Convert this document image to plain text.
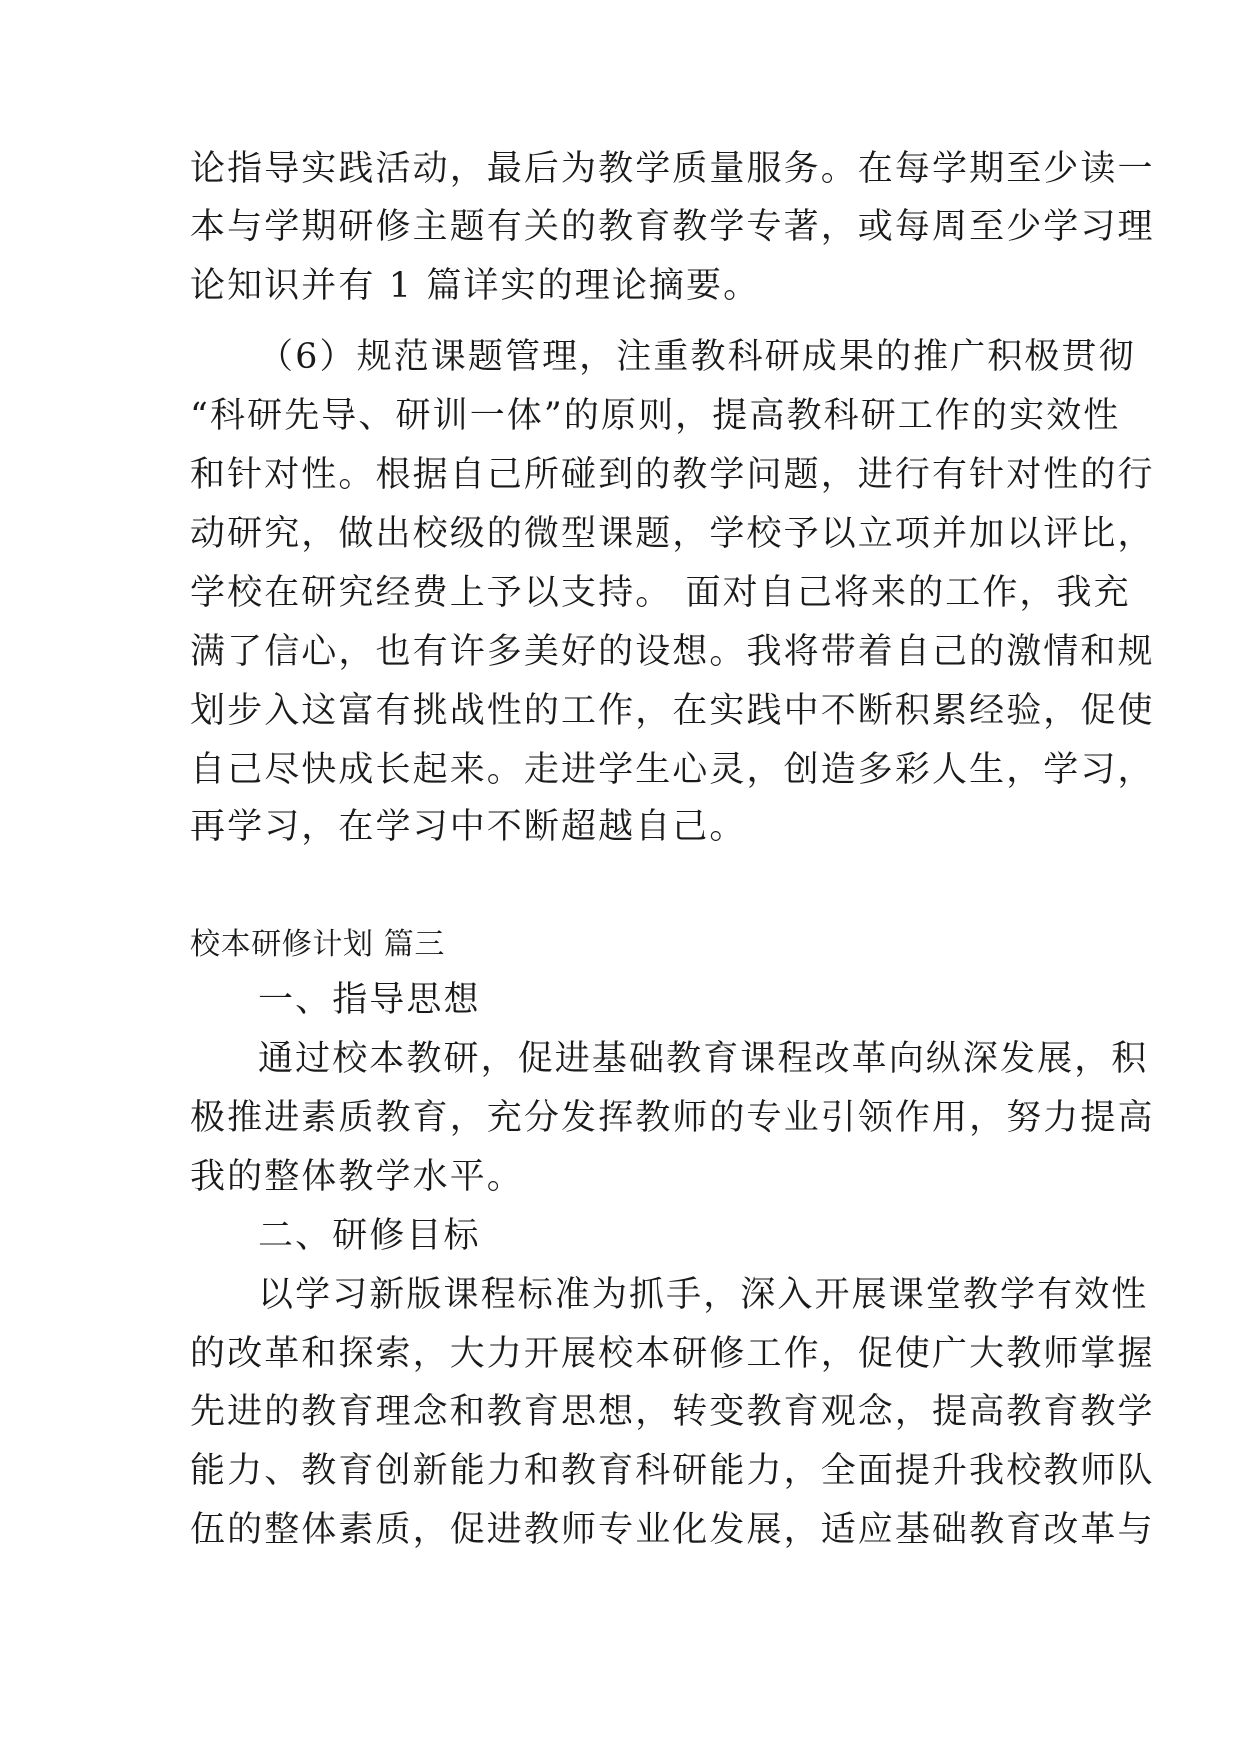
论指导实践活动，最后为教学质量服务。在每学期至少读一
本与学期研修主题有关的教育教学专著，或每周至少学习理
论知识并有 1 篇详实的理论摘要。
（6）规范课题管理，注重教科研成果的推广积极贯彻
“科研先导、研训一体”的原则，提高教科研工作的实效性
和针对性。根据自己所碰到的教学问题，进行有针对性的行
动研究，做出校级的微型课题，学校予以立项并加以评比，
学校在研究经费上予以支持。 面对自己将来的工作，我充
满了信心，也有许多美好的设想。我将带着自己的激情和规
划步入这富有挑战性的工作，在实践中不断积累经验，促使
自己尽快成长起来。走进学生心灵，创造多彩人生，学习，
再学习，在学习中不断超越自己。
校本研修计划 篇三
一、指导思想
通过校本教研，促进基础教育课程改革向纵深发展，积
极推进素质教育，充分发挥教师的专业引领作用，努力提高
我的整体教学水平。
二、研修目标
以学习新版课程标准为抓手，深入开展课堂教学有效性
的改革和探索，大力开展校本研修工作，促使广大教师掌握
先进的教育理念和教育思想，转变教育观念，提高教育教学
能力、教育创新能力和教育科研能力，全面提升我校教师队
伍的整体素质，促进教师专业化发展，适应基础教育改革与
